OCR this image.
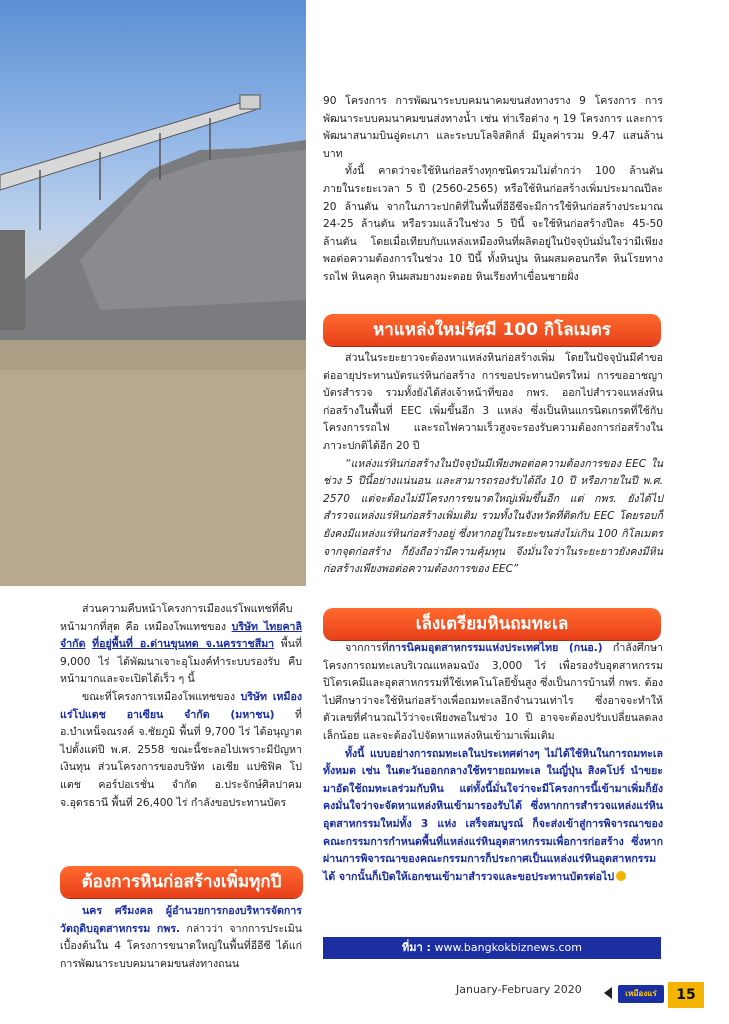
90 โครงการ การพัฒนาระบบคมนาคมขนส่งทางราง 9 โครงการ การพัฒนาระบบคมนาคมขนส่งทางน้ำ เช่น ท่าเรือต่าง ๆ 19 โครงการ และการพัฒนาสนามบินอู่ตะเภา และระบบโลจิสติกส์ มีมูลค่ารวม 9.47 แสนล้านบาท

ทั้งนี้ คาดว่าจะใช้หินก่อสร้างทุกชนิดรวมไม่ต่ำกว่า 100 ล้านตัน ภายในระยะเวลา 5 ปี (2560-2565) หรือใช้หินก่อสร้างเพิ่มประมาณปีละ 20 ล้านตัน จากในภาวะปกติที่ในพื้นที่อีอีซีจะมีการใช้หินก่อสร้างประมาณ 24-25 ล้านตัน หรือรวมแล้วในช่วง 5 ปีนี้ จะใช้หินก่อสร้างปีละ 45-50 ล้านตัน โดยเมื่อเทียบกับแหล่งเหมืองหินที่ผลิตอยู่ในปัจจุบันมั่นใจว่ามีเพียงพอต่อความต้องการในช่วง 10 ปีนี้ ทั้งหินปูน หินผสมคอนกรีต หินโรยทางรถไฟ หินคลุก หินผสมยางมะตอย หินเรียงทำเขื่อนชายฝั่ง

หาแหล่งใหม่รัศมี 100 กิโลเมตร

ส่วนในระยะยาวจะต้องหาแหล่งหินก่อสร้างเพิ่ม โดยในปัจจุบันมีคำขอต่ออายุประทานบัตรแร่หินก่อสร้าง การขอประทานบัตรใหม่ การขออาชญาบัตรสำรวจ รวมทั้งยังได้ส่งเจ้าหน้าที่ของ กพร. ออกไปสำรวจแหล่งหินก่อสร้างในพื้นที่ EEC เพิ่มขึ้นอีก 3 แหล่ง ซึ่งเป็นหินแกรนิตเกรดที่ใช้กับโครงการรถไฟ และรถไฟความเร็วสูงจะรองรับความต้องการก่อสร้างในภาวะปกติได้อีก 20 ปี

“แหล่งแร่หินก่อสร้างในปัจจุบันมีเพียงพอต่อความต้องการของ EEC ในช่วง 5 ปีนี้อย่างแน่นอน และสามารถรองรับได้ถึง 10 ปี หรือภายในปี พ.ศ. 2570 แต่จะต้องไม่มีโครงการขนาดใหญ่เพิ่มขึ้นอีก แต่ กพร. ยังได้ไปสำรวจแหล่งแร่หินก่อสร้างเพิ่มเติม รวมทั้งในจังหวัดที่ติดกับ EEC โดยรอบก็ยังคงมีแหล่งแร่หินก่อสร้างอยู่ ซึ่งหากอยู่ในระยะขนส่งไม่เกิน 100 กิโลเมตรจากจุดก่อสร้าง ก็ยังถือว่ามีความคุ้มทุน จึงมั่นใจว่าในระยะยาวยังคงมีหินก่อสร้างเพียงพอต่อความต้องการของ EEC”

เล็งเตรียมหินถมทะเล

จากการที่การนิคมอุตสาหกรรมแห่งประเทศไทย (กนอ.) กำลังศึกษาโครงการถมทะเลบริเวณแหลมฉบัง 3,000 ไร่ เพื่อรองรับอุตสาหกรรมปิโตรเคมีและอุตสาหกรรมที่ใช้เทคโนโลยีขั้นสูง ซึ่งเป็นการบ้านที่ กพร. ต้องไปศึกษาว่าจะใช้หินก่อสร้างเพื่อถมทะเลอีกจำนวนเท่าไร ซึ่งอาจจะทำให้ตัวเลขที่คำนวณไว้ว่าจะเพียงพอในช่วง 10 ปี อาจจะต้องปรับเปลี่ยนลดลงเล็กน้อย และจะต้องไปจัดหาแหล่งหินเข้ามาเพิ่มเติม

ทั้งนี้ แบบอย่างการถมทะเลในประเทศต่างๆ ไม่ได้ใช้หินในการถมทะเลทั้งหมด เช่น ในตะวันออกกลางใช้ทรายถมทะเล ในญี่ปุ่น สิงคโปร์ นำขยะมาอัดใช้ถมทะเลร่วมกับหิน แต่ทั้งนี้มั่นใจว่าจะมีโครงการนี้เข้ามาเพิ่มก็ยังคงมั่นใจว่าจะจัดหาแหล่งหินเข้ามารองรับได้ ซึ่งหากการสำรวจแหล่งแร่หินอุตสาหกรรมใหม่ทั้ง 3 แห่ง เสร็จสมบูรณ์ ก็จะส่งเข้าสู่การพิจารณาของคณะกรรมการกำหนดพื้นที่แหล่งแร่หินอุตสาหกรรมเพื่อการก่อสร้าง ซึ่งหากผ่านการพิจารณาของคณะกรรมการก็ประกาศเป็นแหล่งแร่หินอุตสาหกรรมได้ จากนั้นก็เปิดให้เอกชนเข้ามาสำรวจและขอประทานบัตรต่อไป

ที่มา : www.bangkokbiznews.com

ส่วนความคืบหน้าโครงการเมืองแร่โพแทชที่คืบหน้ามากที่สุด คือ เหมืองโพแทชของ บริษัท ไทยคาลิ จำกัด ที่อยู่พื้นที่ อ.ด่านขุนทด จ.นครราชสีมา พื้นที่ 9,000 ไร่ ได้พัฒนาเจาะอุโมงค์ทำระบบรองรับ คืบหน้ามากและจะเปิดได้เร็ว ๆ นี้

ขณะที่โครงการเหมืองโพแทชของ บริษัท เหมืองแร่โปแตช อาเซียน จำกัด (มหาชน) ที่ อ.บำเหน็จณรงค์ จ.ชัยภูมิ พื้นที่ 9,700 ไร่ ได้อนุญาตไปตั้งแต่ปี พ.ศ. 2558 ขณะนี้ชะลอไปเพราะมีปัญหาเงินทุน ส่วนโครงการของบริษัท เอเชีย แปซิฟิค โปแตช คอร์ปอเรชั่น จำกัด อ.ประจักษ์ศิลปาคม จ.อุดรธานี พื้นที่ 26,400 ไร่ กำลังขอประทานบัตร

ต้องการหินก่อสร้างเพิ่มทุกปี

นคร ศรีมงคล ผู้อำนวยการกองบริหารจัดการวัตถุดิบอุตสาหกรรม กพร. กล่าวว่า จากการประเมินเบื้องต้นใน 4 โครงการขนาดใหญ่ในพื้นที่อีอีซี ได้แก่ การพัฒนาระบบคมนาคมขนส่งทางถนน

January-February 2020	เหมืองแร่	15
